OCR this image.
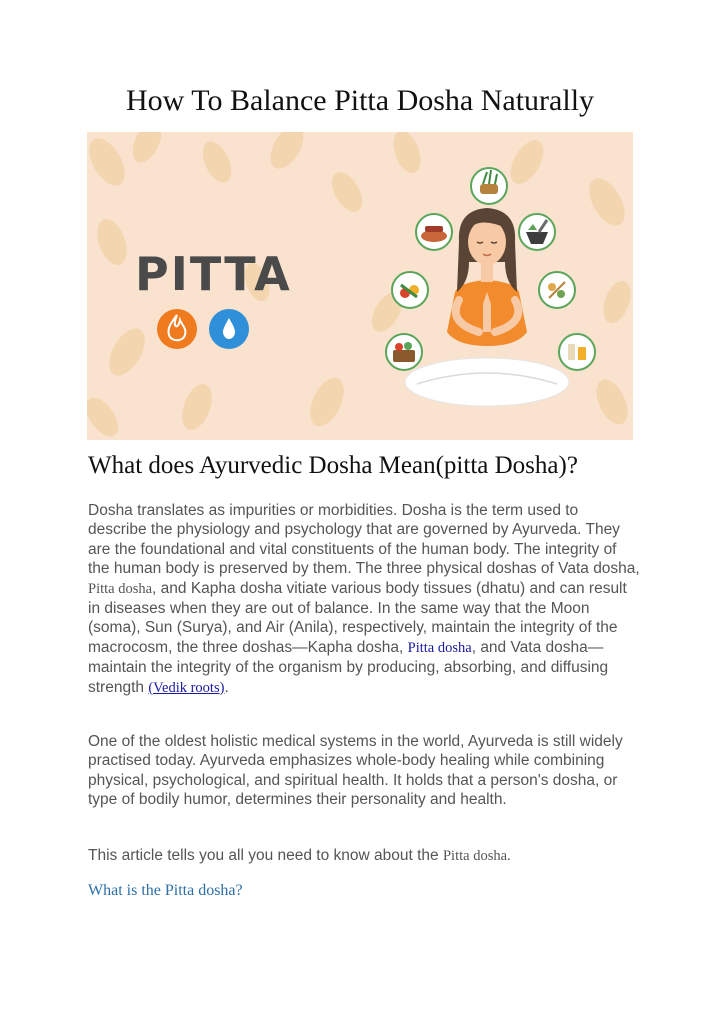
How To Balance Pitta Dosha Naturally
PITTA
What does Ayurvedic Dosha Mean(pitta Dosha)?

Dosha translates as impurities or morbidities. Dosha is the term used to describe the physiology and psychology that are governed by Ayurveda. They are the foundational and vital constituents of the human body. The integrity of the human body is preserved by them. The three physical doshas of Vata dosha, Pitta dosha, and Kapha dosha vitiate various body tissues (dhatu) and can result in diseases when they are out of balance. In the same way that the Moon (soma), Sun (Surya), and Air (Anila), respectively, maintain the integrity of the macrocosm, the three doshas—Kapha dosha, Pitta dosha, and Vata dosha—maintain the integrity of the organism by producing, absorbing, and diffusing strength (Vedik roots).

One of the oldest holistic medical systems in the world, Ayurveda is still widely practised today. Ayurveda emphasizes whole-body healing while combining physical, psychological, and spiritual health. It holds that a person's dosha, or type of bodily humor, determines their personality and health.

This article tells you all you need to know about the Pitta dosha.

What is the Pitta dosha?
